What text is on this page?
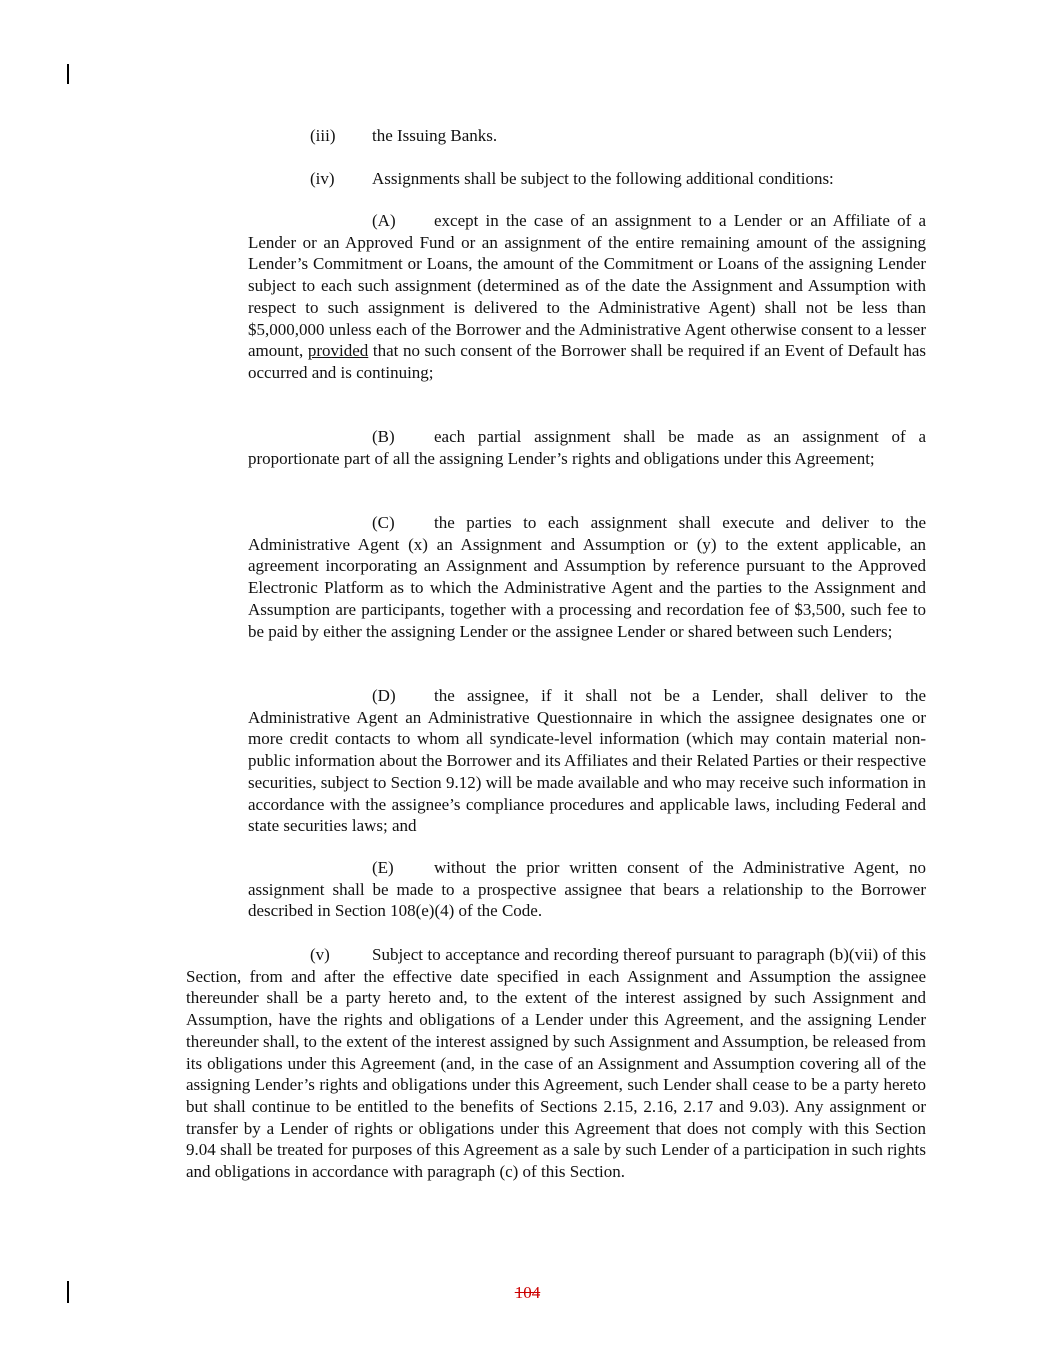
(iii) the Issuing Banks.

(iv) Assignments shall be subject to the following additional conditions:

(A) except in the case of an assignment to a Lender or an Affiliate of a Lender or an Approved Fund or an assignment of the entire remaining amount of the assigning Lender’s Commitment or Loans, the amount of the Commitment or Loans of the assigning Lender subject to each such assignment (determined as of the date the Assignment and Assumption with respect to such assignment is delivered to the Administrative Agent) shall not be less than $5,000,000 unless each of the Borrower and the Administrative Agent otherwise consent to a lesser amount, provided that no such consent of the Borrower shall be required if an Event of Default has occurred and is continuing;

(B) each partial assignment shall be made as an assignment of a proportionate part of all the assigning Lender’s rights and obligations under this Agreement;

(C) the parties to each assignment shall execute and deliver to the Administrative Agent (x) an Assignment and Assumption or (y) to the extent applicable, an agreement incorporating an Assignment and Assumption by reference pursuant to the Approved Electronic Platform as to which the Administrative Agent and the parties to the Assignment and Assumption are participants, together with a processing and recordation fee of $3,500, such fee to be paid by either the assigning Lender or the assignee Lender or shared between such Lenders;

(D) the assignee, if it shall not be a Lender, shall deliver to the Administrative Agent an Administrative Questionnaire in which the assignee designates one or more credit contacts to whom all syndicate-level information (which may contain material non-public information about the Borrower and its Affiliates and their Related Parties or their respective securities, subject to Section 9.12) will be made available and who may receive such information in accordance with the assignee’s compliance procedures and applicable laws, including Federal and state securities laws; and

(E) without the prior written consent of the Administrative Agent, no assignment shall be made to a prospective assignee that bears a relationship to the Borrower described in Section 108(e)(4) of the Code.

(v) Subject to acceptance and recording thereof pursuant to paragraph (b)(vii) of this Section, from and after the effective date specified in each Assignment and Assumption the assignee thereunder shall be a party hereto and, to the extent of the interest assigned by such Assignment and Assumption, have the rights and obligations of a Lender under this Agreement, and the assigning Lender thereunder shall, to the extent of the interest assigned by such Assignment and Assumption, be released from its obligations under this Agreement (and, in the case of an Assignment and Assumption covering all of the assigning Lender’s rights and obligations under this Agreement, such Lender shall cease to be a party hereto but shall continue to be entitled to the benefits of Sections 2.15, 2.16, 2.17 and 9.03). Any assignment or transfer by a Lender of rights or obligations under this Agreement that does not comply with this Section 9.04 shall be treated for purposes of this Agreement as a sale by such Lender of a participation in such rights and obligations in accordance with paragraph (c) of this Section.

104
